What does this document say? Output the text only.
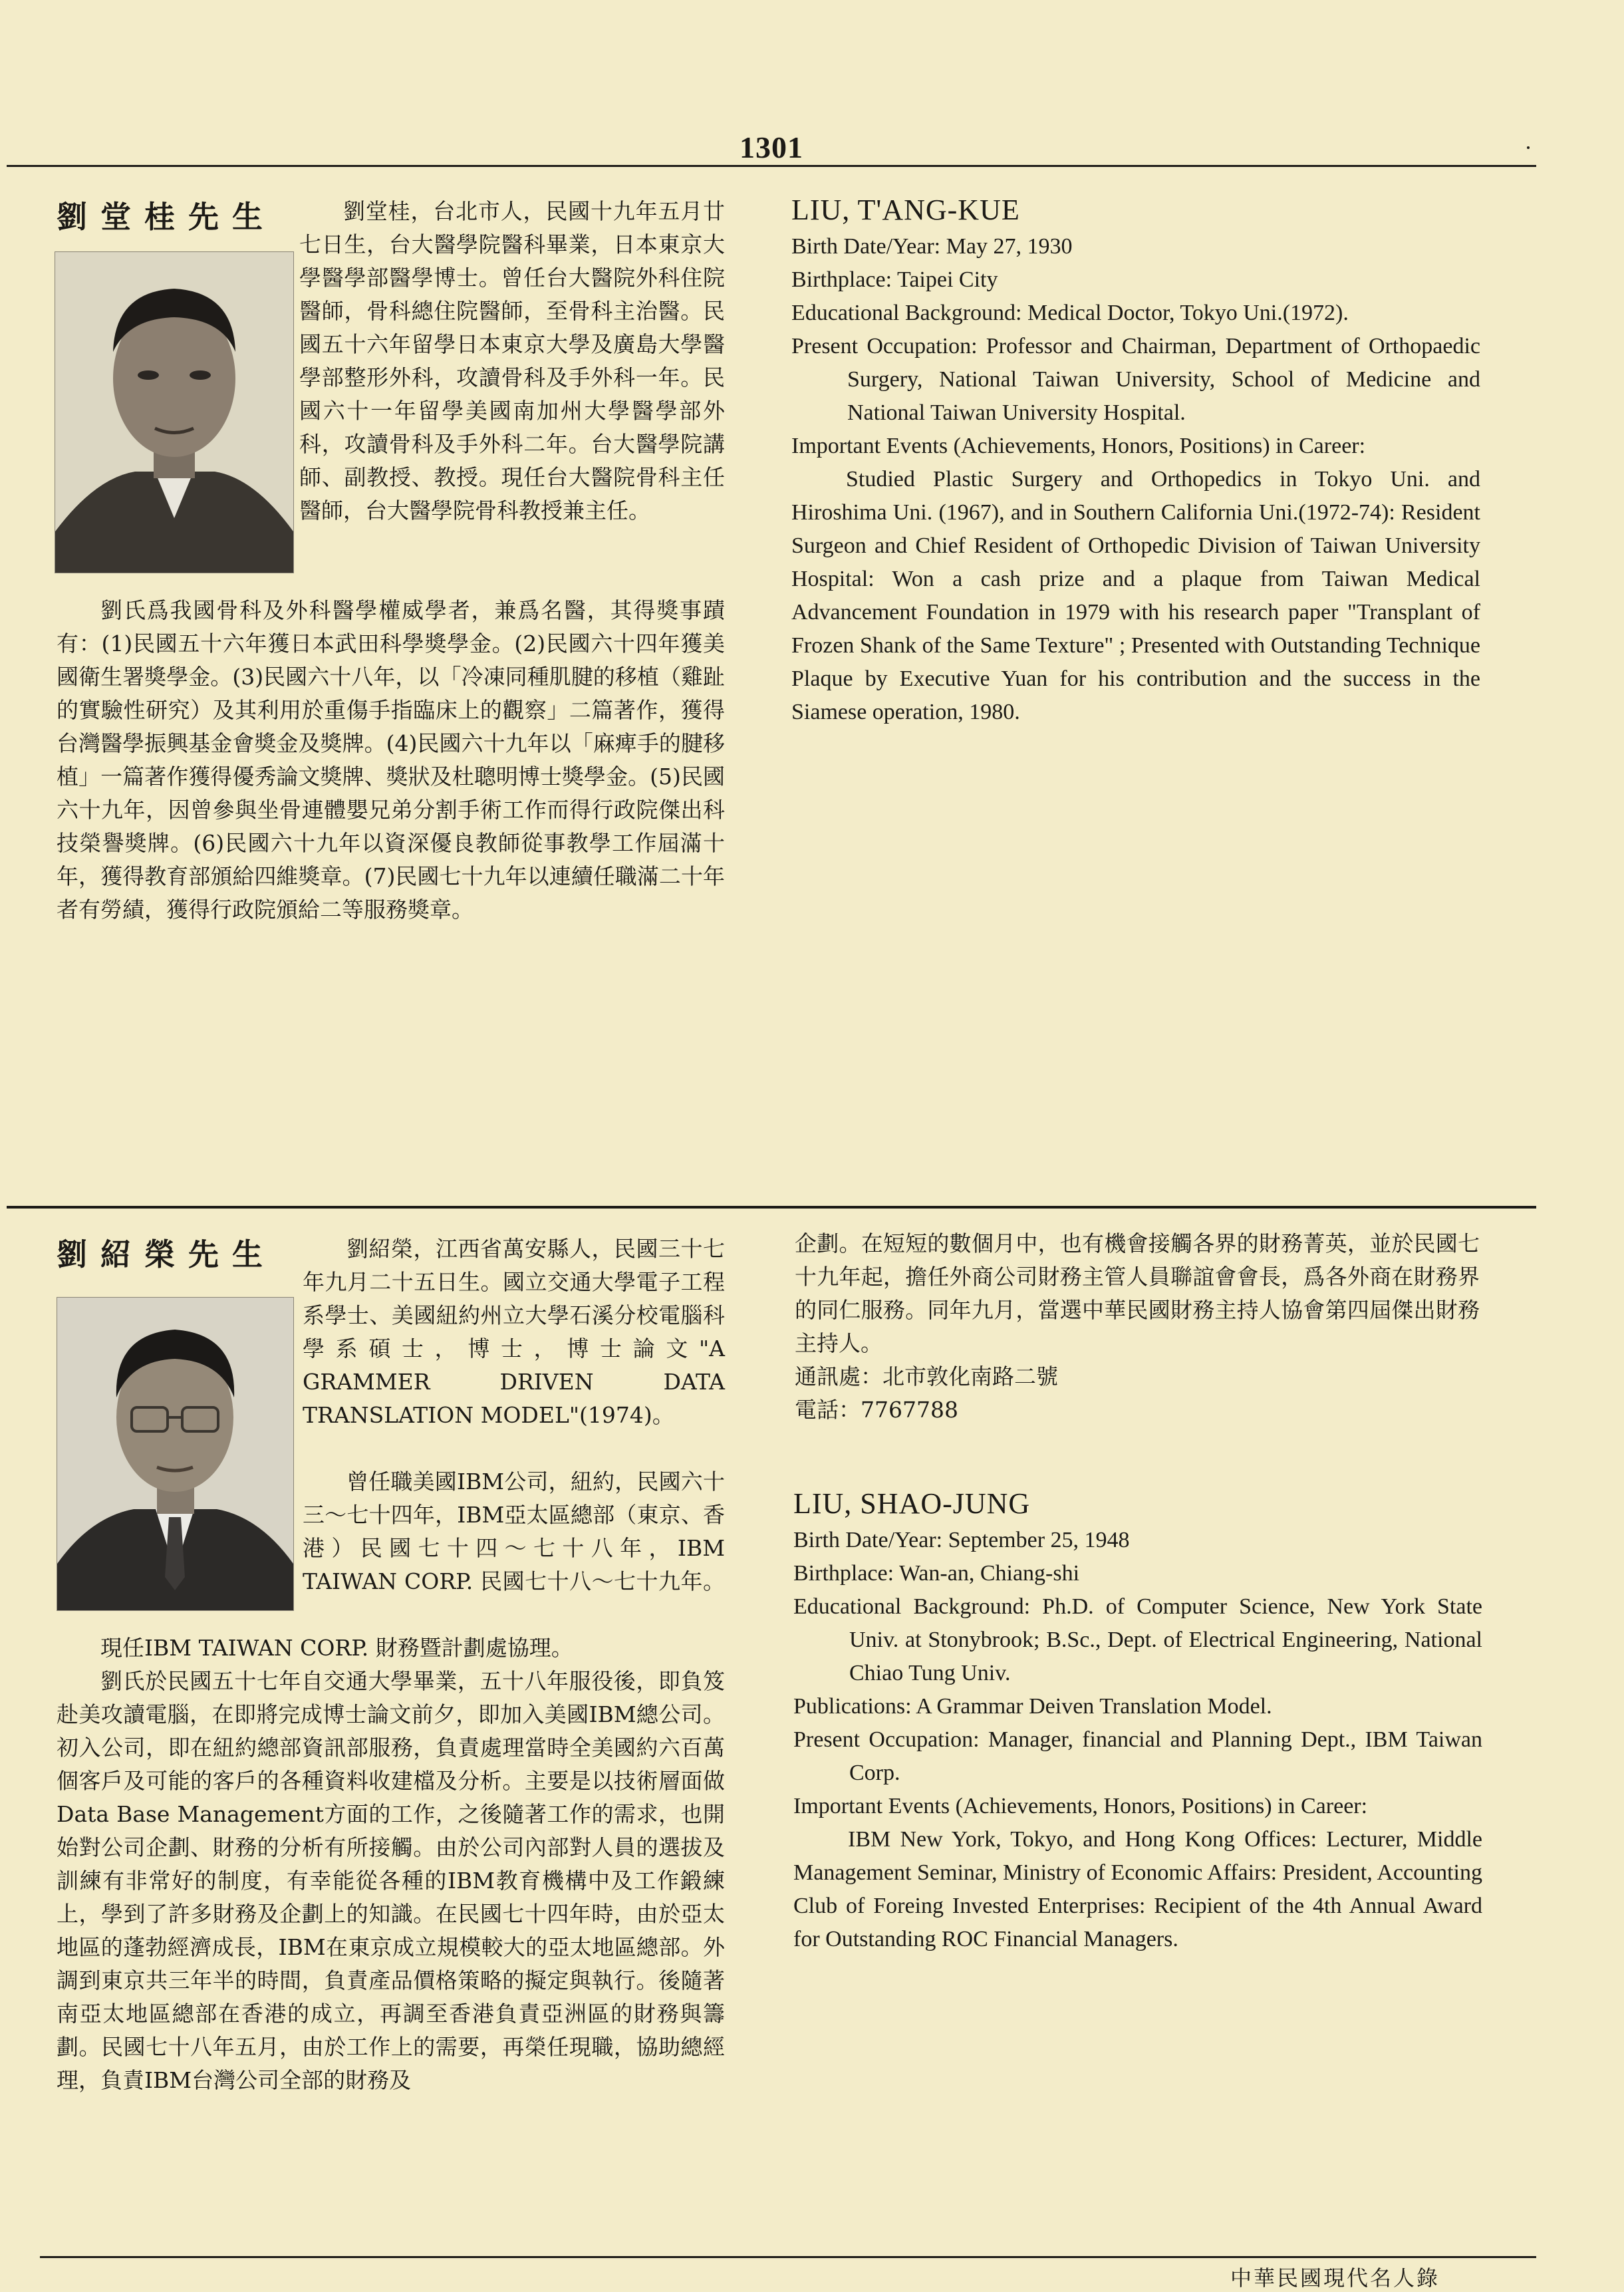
1301
劉堂桂先生	劉堂桂，台北市人，民國十九年五月廿七日生，台大醫學院醫科畢業，日本東京大學醫學部醫學博士。曾任台大醫院外科住院醫師，骨科總住院醫師，至骨科主治醫。民國五十六年留學日本東京大學及廣島大學醫學部整形外科，攻讀骨科及手外科一年。民國六十一年留學美國南加州大學醫學部外科，攻讀骨科及手外科二年。台大醫學院講師、副教授、教授。現任台大醫院骨科主任醫師，台大醫學院骨科教授兼主任。

劉氏爲我國骨科及外科醫學權威學者，兼爲名醫，其得獎事蹟有：(1)民國五十六年獲日本武田科學獎學金。(2)民國六十四年獲美國衛生署獎學金。(3)民國六十八年，以「冷凍同種肌腱的移植（雞趾的實驗性研究）及其利用於重傷手指臨床上的觀察」二篇著作，獲得台灣醫學振興基金會獎金及獎牌。(4)民國六十九年以「麻痺手的腱移植」一篇著作獲得優秀論文獎牌、獎狀及杜聰明博士獎學金。(5)民國六十九年，因曾參與坐骨連體嬰兄弟分割手術工作而得行政院傑出科技榮譽獎牌。(6)民國六十九年以資深優良教師從事教學工作屆滿十年，獲得教育部頒給四維獎章。(7)民國七十九年以連續任職滿二十年者有勞績，獲得行政院頒給二等服務獎章。

LIU, T'ANG-KUE

Birth Date/Year: May 27, 1930

Birthplace: Taipei City

Educational Background: Medical Doctor, Tokyo Uni.(1972).

Present Occupation: Professor and Chairman, Department of Orthopaedic Surgery, National Taiwan University, School of Medicine and National Taiwan University Hospital.

Important Events (Achievements, Honors, Positions) in Career:

Studied Plastic Surgery and Orthopedics in Tokyo Uni. and Hiroshima Uni. (1967), and in Southern California Uni.(1972-74): Resident Surgeon and Chief Resident of Orthopedic Division of Taiwan University Hospital: Won a cash prize and a plaque from Taiwan Medical Advancement Foundation in 1979 with his research paper "Transplant of Frozen Shank of the Same Texture" ; Presented with Outstanding Technique Plaque by Executive Yuan for his contribution and the success in the Siamese operation, 1980.

劉紹榮先生	劉紹榮，江西省萬安縣人，民國三十七年九月二十五日生。國立交通大學電子工程系學士、美國紐約州立大學石溪分校電腦科學系碩士，博士，博士論文"A GRAMMER DRIVEN DATA TRANSLATION MODEL"(1974)。

曾任職美國IBM公司，紐約，民國六十三～七十四年，IBM亞太區總部（東京、香港）民國七十四～七十八年，IBM TAIWAN CORP. 民國七十八～七十九年。

現任IBM TAIWAN CORP. 財務暨計劃處協理。

劉氏於民國五十七年自交通大學畢業，五十八年服役後，即負笈赴美攻讀電腦，在即將完成博士論文前夕，即加入美國IBM總公司。初入公司，即在紐約總部資訊部服務，負責處理當時全美國約六百萬個客戶及可能的客戶的各種資料收建檔及分析。主要是以技術層面做Data Base Management方面的工作，之後隨著工作的需求，也開始對公司企劃、財務的分析有所接觸。由於公司內部對人員的選拔及訓練有非常好的制度，有幸能從各種的IBM教育機構中及工作鍛練上，學到了許多財務及企劃上的知識。在民國七十四年時，由於亞太地區的蓬勃經濟成長，IBM在東京成立規模較大的亞太地區總部。外調到東京共三年半的時間，負責產品價格策略的擬定與執行。後隨著南亞太地區總部在香港的成立，再調至香港負責亞洲區的財務與籌劃。民國七十八年五月，由於工作上的需要，再榮任現職，協助總經理，負責IBM台灣公司全部的財務及

企劃。在短短的數個月中，也有機會接觸各界的財務菁英，並於民國七十九年起，擔任外商公司財務主管人員聯誼會會長，爲各外商在財務界的同仁服務。同年九月，當選中華民國財務主持人協會第四屆傑出財務主持人。

通訊處：北市敦化南路二號

電話：7767788

LIU, SHAO-JUNG

Birth Date/Year: September 25, 1948

Birthplace: Wan-an, Chiang-shi

Educational Background: Ph.D. of Computer Science, New York State Univ. at Stonybrook; B.Sc., Dept. of Electrical Engineering, National Chiao Tung Univ.

Publications: A Grammar Deiven Translation Model.

Present Occupation: Manager, financial and Planning Dept., IBM Taiwan Corp.

Important Events (Achievements, Honors, Positions) in Career:

IBM New York, Tokyo, and Hong Kong Offices: Lecturer, Middle Management Seminar, Ministry of Economic Affairs: President, Accounting Club of Foreing Invested Enterprises: Recipient of the 4th Annual Award for Outstanding ROC Financial Managers.

中華民國現代名人錄
